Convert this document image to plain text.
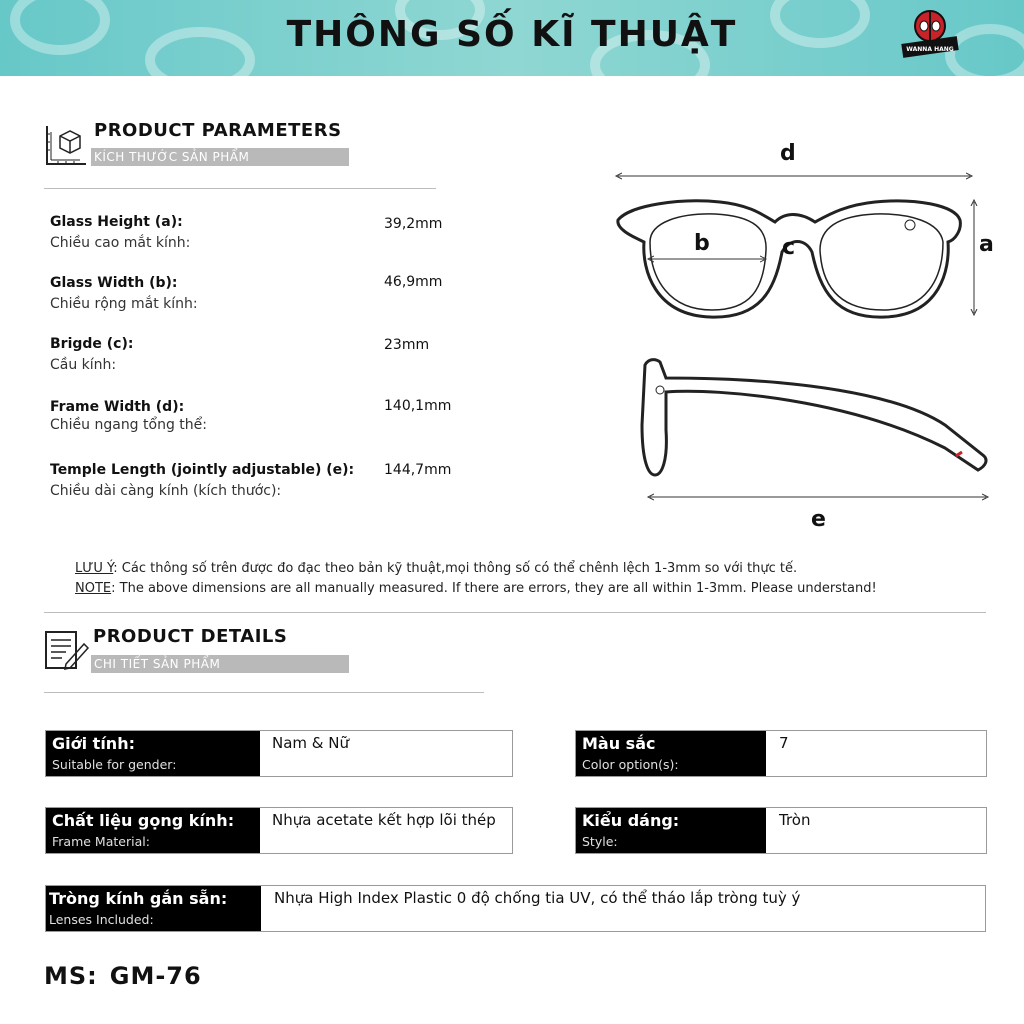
THÔNG SỐ KĨ THUẬT	WANNA HANG
PRODUCT PARAMETERS
KÍCH THƯỚC SẢN PHẨM
Glass Height (a):
Chiều cao mắt kính:
39,2mm
Glass Width (b):
Chiều rộng mắt kính:
46,9mm
Brigde (c):
Cầu kính:
23mm
Frame Width (d):
Chiều ngang tổng thể:
140,1mm
Temple Length (jointly adjustable) (e):
Chiều dài càng kính (kích thước):
144,7mm
d
a
b	c
e
LƯU Ý: Các thông số trên được đo đạc theo bản kỹ thuật,mọi thông số có thể chênh lệch 1-3mm so với thực tế.
NOTE: The above dimensions are all manually measured. If there are errors, they are all within 1-3mm. Please understand!
PRODUCT DETAILS
CHI TIẾT SẢN PHẨM
Giới tính:
Suitable for gender:
Nam & Nữ	Màu sắc
Color option(s):
7
Chất liệu gọng kính:
Frame Material:
Nhựa acetate kết hợp lõi thép	Kiểu dáng:
Style:
Tròn
Tròng kính gắn sẵn:
Lenses Included:
Nhựa High Index Plastic 0 độ chống tia UV, có thể tháo lắp tròng tuỳ ý
MS: GM-76
